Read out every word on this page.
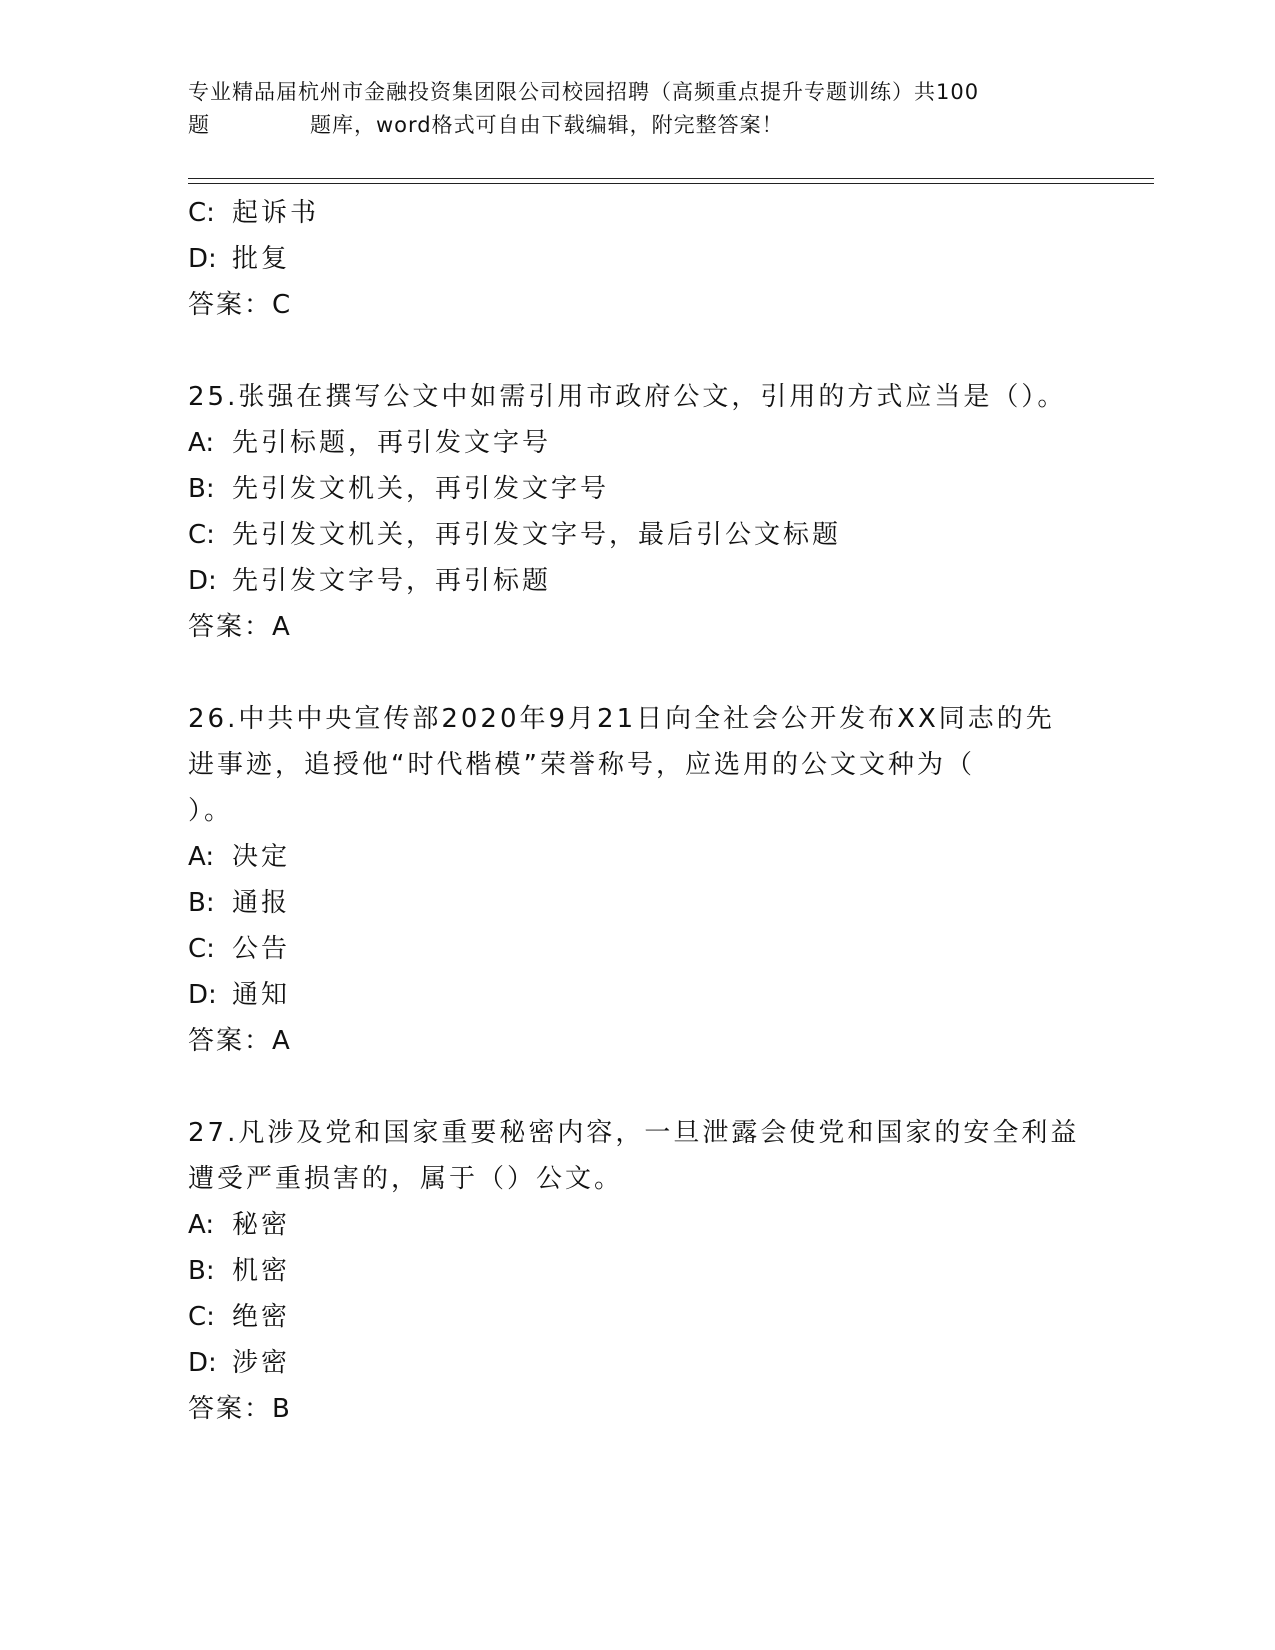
专业精品届杭州市金融投资集团限公司校园招聘（高频重点提升专题训练）共100
题	题库，word格式可自由下载编辑，附完整答案！
C: 起诉书
D: 批复
答案：C
25.张强在撰写公文中如需引用市政府公文，引用的方式应当是（）。
A: 先引标题，再引发文字号
B: 先引发文机关，再引发文字号
C: 先引发文机关，再引发文字号，最后引公文标题
D: 先引发文字号，再引标题
答案：A
26.中共中央宣传部2020年9月21日向全社会公开发布XX同志的先
进事迹，追授他“时代楷模”荣誉称号，应选用的公文文种为（
）。
A: 决定
B: 通报
C: 公告
D: 通知
答案：A
27.凡涉及党和国家重要秘密内容，一旦泄露会使党和国家的安全利益
遭受严重损害的，属于（）公文。
A: 秘密
B: 机密
C: 绝密
D: 涉密
答案：B
